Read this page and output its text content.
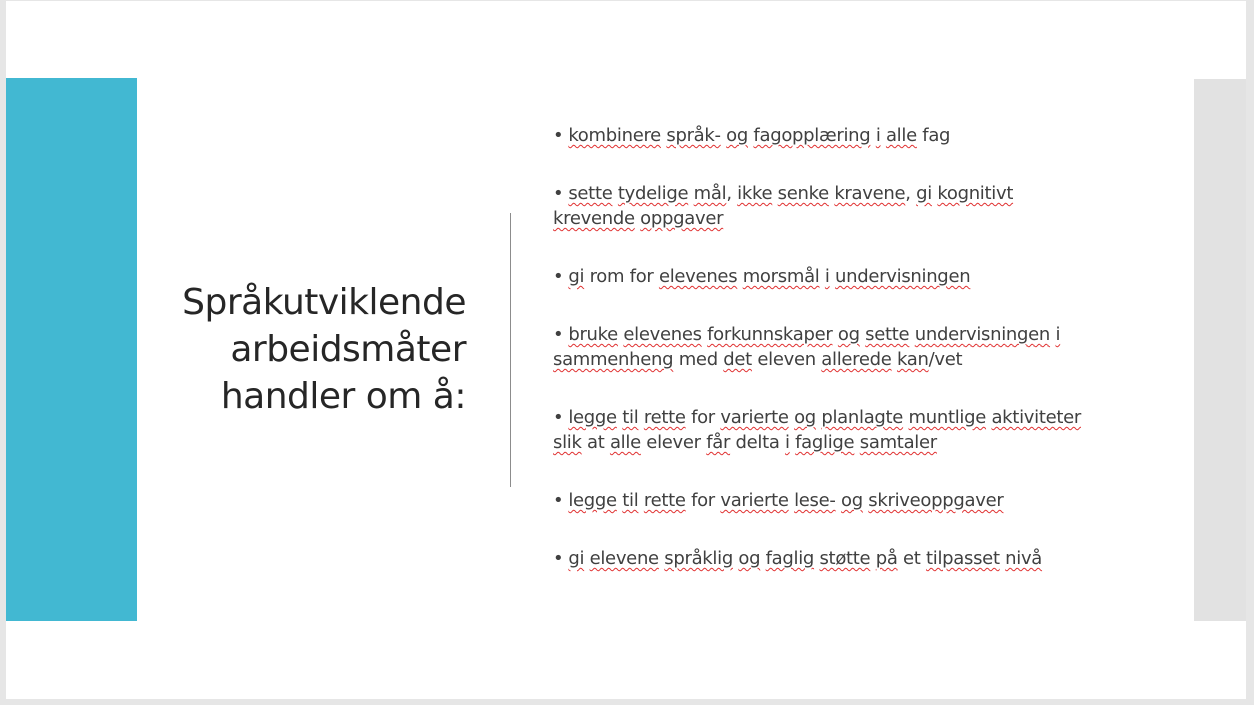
Språkutviklende
arbeidsmåter
handler om å:
• kombinere språk- og fagopplæring i alle fag
• sette tydelige mål, ikke senke kravene, gi kognitivt
krevende oppgaver
• gi rom for elevenes morsmål i undervisningen
• bruke elevenes forkunnskaper og sette undervisningen i
sammenheng med det eleven allerede kan/vet
• legge til rette for varierte og planlagte muntlige aktiviteter
slik at alle elever får delta i faglige samtaler
• legge til rette for varierte lese- og skriveoppgaver
• gi elevene språklig og faglig støtte på et tilpasset nivå
